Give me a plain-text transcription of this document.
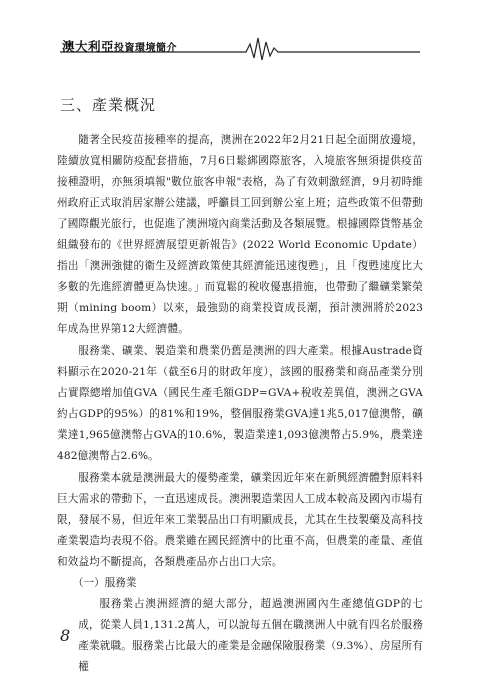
澳大利亞投資環境簡介
三、產業概況

隨著全民疫苗接種率的提高，澳洲在2022年2月21日起全面開放邊境，陸續放寬相關防疫配套措施，7月6日鬆綁國際旅客，入境旅客無須提供疫苗接種證明，亦無須填報"數位旅客申報"表格，為了有效刺激經濟，9月初時維州政府正式取消居家辦公建議，呼籲員工回到辦公室上班；這些政策不但帶動了國際觀光旅行，也促進了澳洲境內商業活動及各類展覽。根據國際貨幣基金組織發布的《世界經濟展望更新報告》(2022 World Economic Update）指出「澳洲強健的衛生及經濟政策使其經濟能迅速復甦」，且「復甦速度比大多數的先進經濟體更為快速。」而寬鬆的稅收優惠措施，也帶動了繼礦業繁榮期（mining boom）以來，最強勁的商業投資成長潮，預計澳洲將於2023年成為世界第12大經濟體。

服務業、礦業、製造業和農業仍舊是澳洲的四大產業。根據Austrade資料顯示在2020-21年（截至6月的財政年度），該國的服務業和商品產業分別占實際總增加值GVA（國民生產毛額GDP=GVA+稅收差異值，澳洲之GVA約占GDP的95%）的81%和19%，整個服務業GVA達1兆5,017億澳幣，礦業達1,965億澳幣占GVA的10.6%，製造業達1,093億澳幣占5.9%，農業達482億澳幣占2.6%。

服務業本就是澳洲最大的優勢產業，礦業因近年來在新興經濟體對原料料巨大需求的帶動下，一直迅速成長。澳洲製造業因人工成本較高及國內市場有限，發展不易，但近年來工業製品出口有明顯成長，尤其在生技製藥及高科技產業製造均表現不俗。農業雖在國民經濟中的比重不高，但農業的產量、產值和效益均不斷提高，各類農產品亦占出口大宗。

（一）服務業

服務業占澳洲經濟的絕大部分，超過澳洲國內生產總值GDP的七成，從業人員1,131.2萬人，可以說每五個在職澳洲人中就有四名於服務產業就職。服務業占比最大的產業是金融保險服務業（9.3%）、房屋所有權

8
